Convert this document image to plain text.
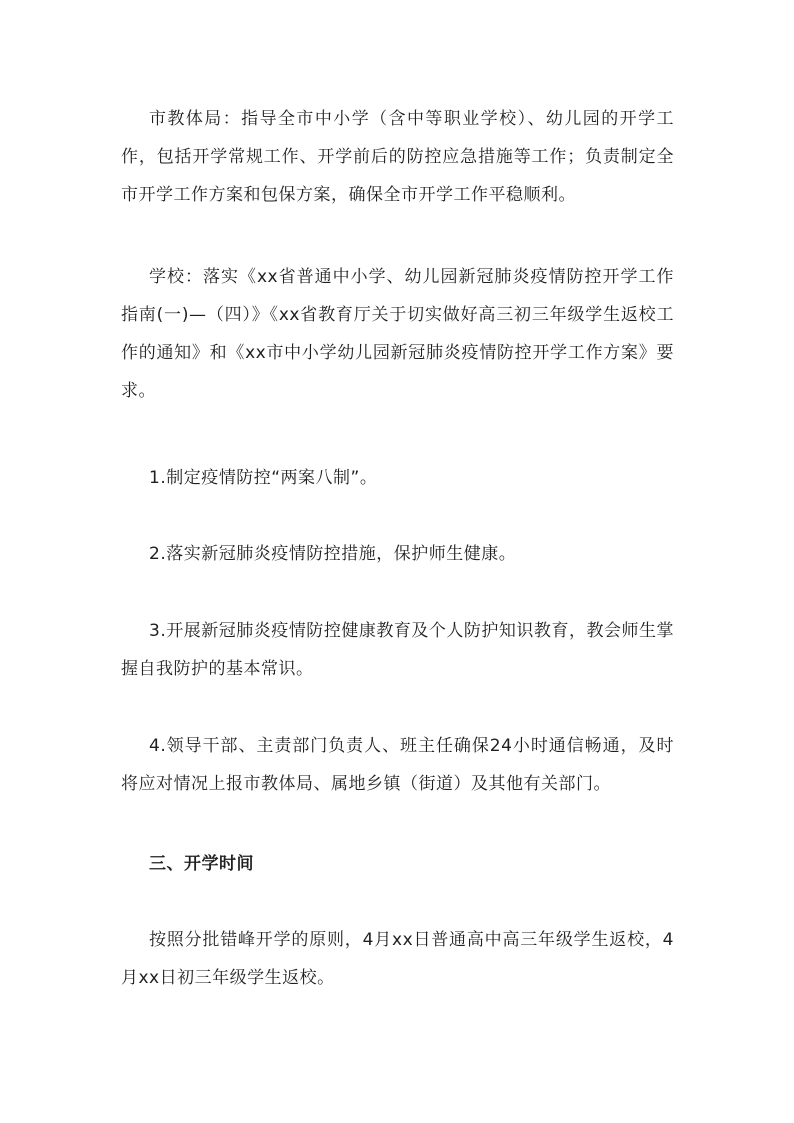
市教体局：指导全市中小学（含中等职业学校）、幼儿园的开学工作，包括开学常规工作、开学前后的防控应急措施等工作；负责制定全市开学工作方案和包保方案，确保全市开学工作平稳顺利。

学校：落实《xx省普通中小学、幼儿园新冠肺炎疫情防控开学工作指南(一)—（四）》《xx省教育厅关于切实做好高三初三年级学生返校工作的通知》和《xx市中小学幼儿园新冠肺炎疫情防控开学工作方案》要求。

1.制定疫情防控“两案八制”。

2.落实新冠肺炎疫情防控措施，保护师生健康。

3.开展新冠肺炎疫情防控健康教育及个人防护知识教育，教会师生掌握自我防护的基本常识。

4.领导干部、主责部门负责人、班主任确保24小时通信畅通，及时将应对情况上报市教体局、属地乡镇（街道）及其他有关部门。

三、开学时间

按照分批错峰开学的原则，4月xx日普通高中高三年级学生返校，4月xx日初三年级学生返校。
